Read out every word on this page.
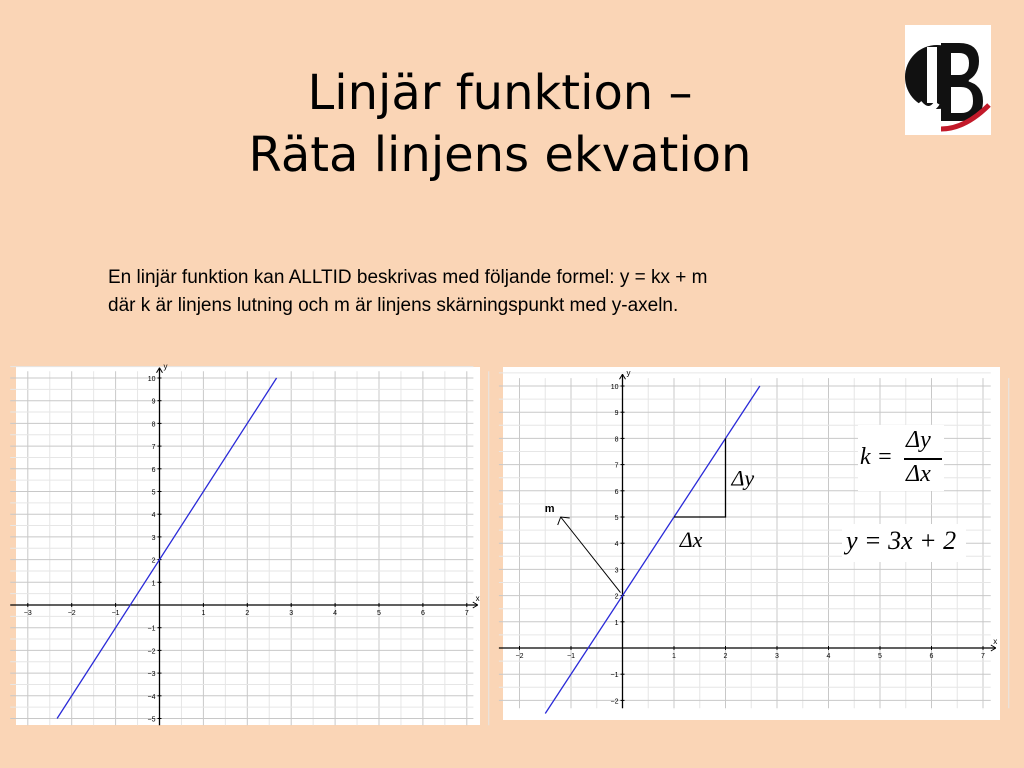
Linjär funktion –
Räta linjens ekvation
En linjär funktion kan ALLTID beskrivas med följande formel: y = kx + m
där k är linjens lutning och m är linjens skärningspunkt med y-axeln.
x
y
−3	−2	−1	1	2	3	4	5	6	7
−5
−4
−3
−2
−1
1
2
3
4
5
6
7
8
9
10
x
y
−2	−1	1	2	3	4	5	6	7
−2
−1
1
2
3
4
5
6
7
8
9
10
Δy
Δx
m
k =
Δy
Δx
y = 3x + 2
